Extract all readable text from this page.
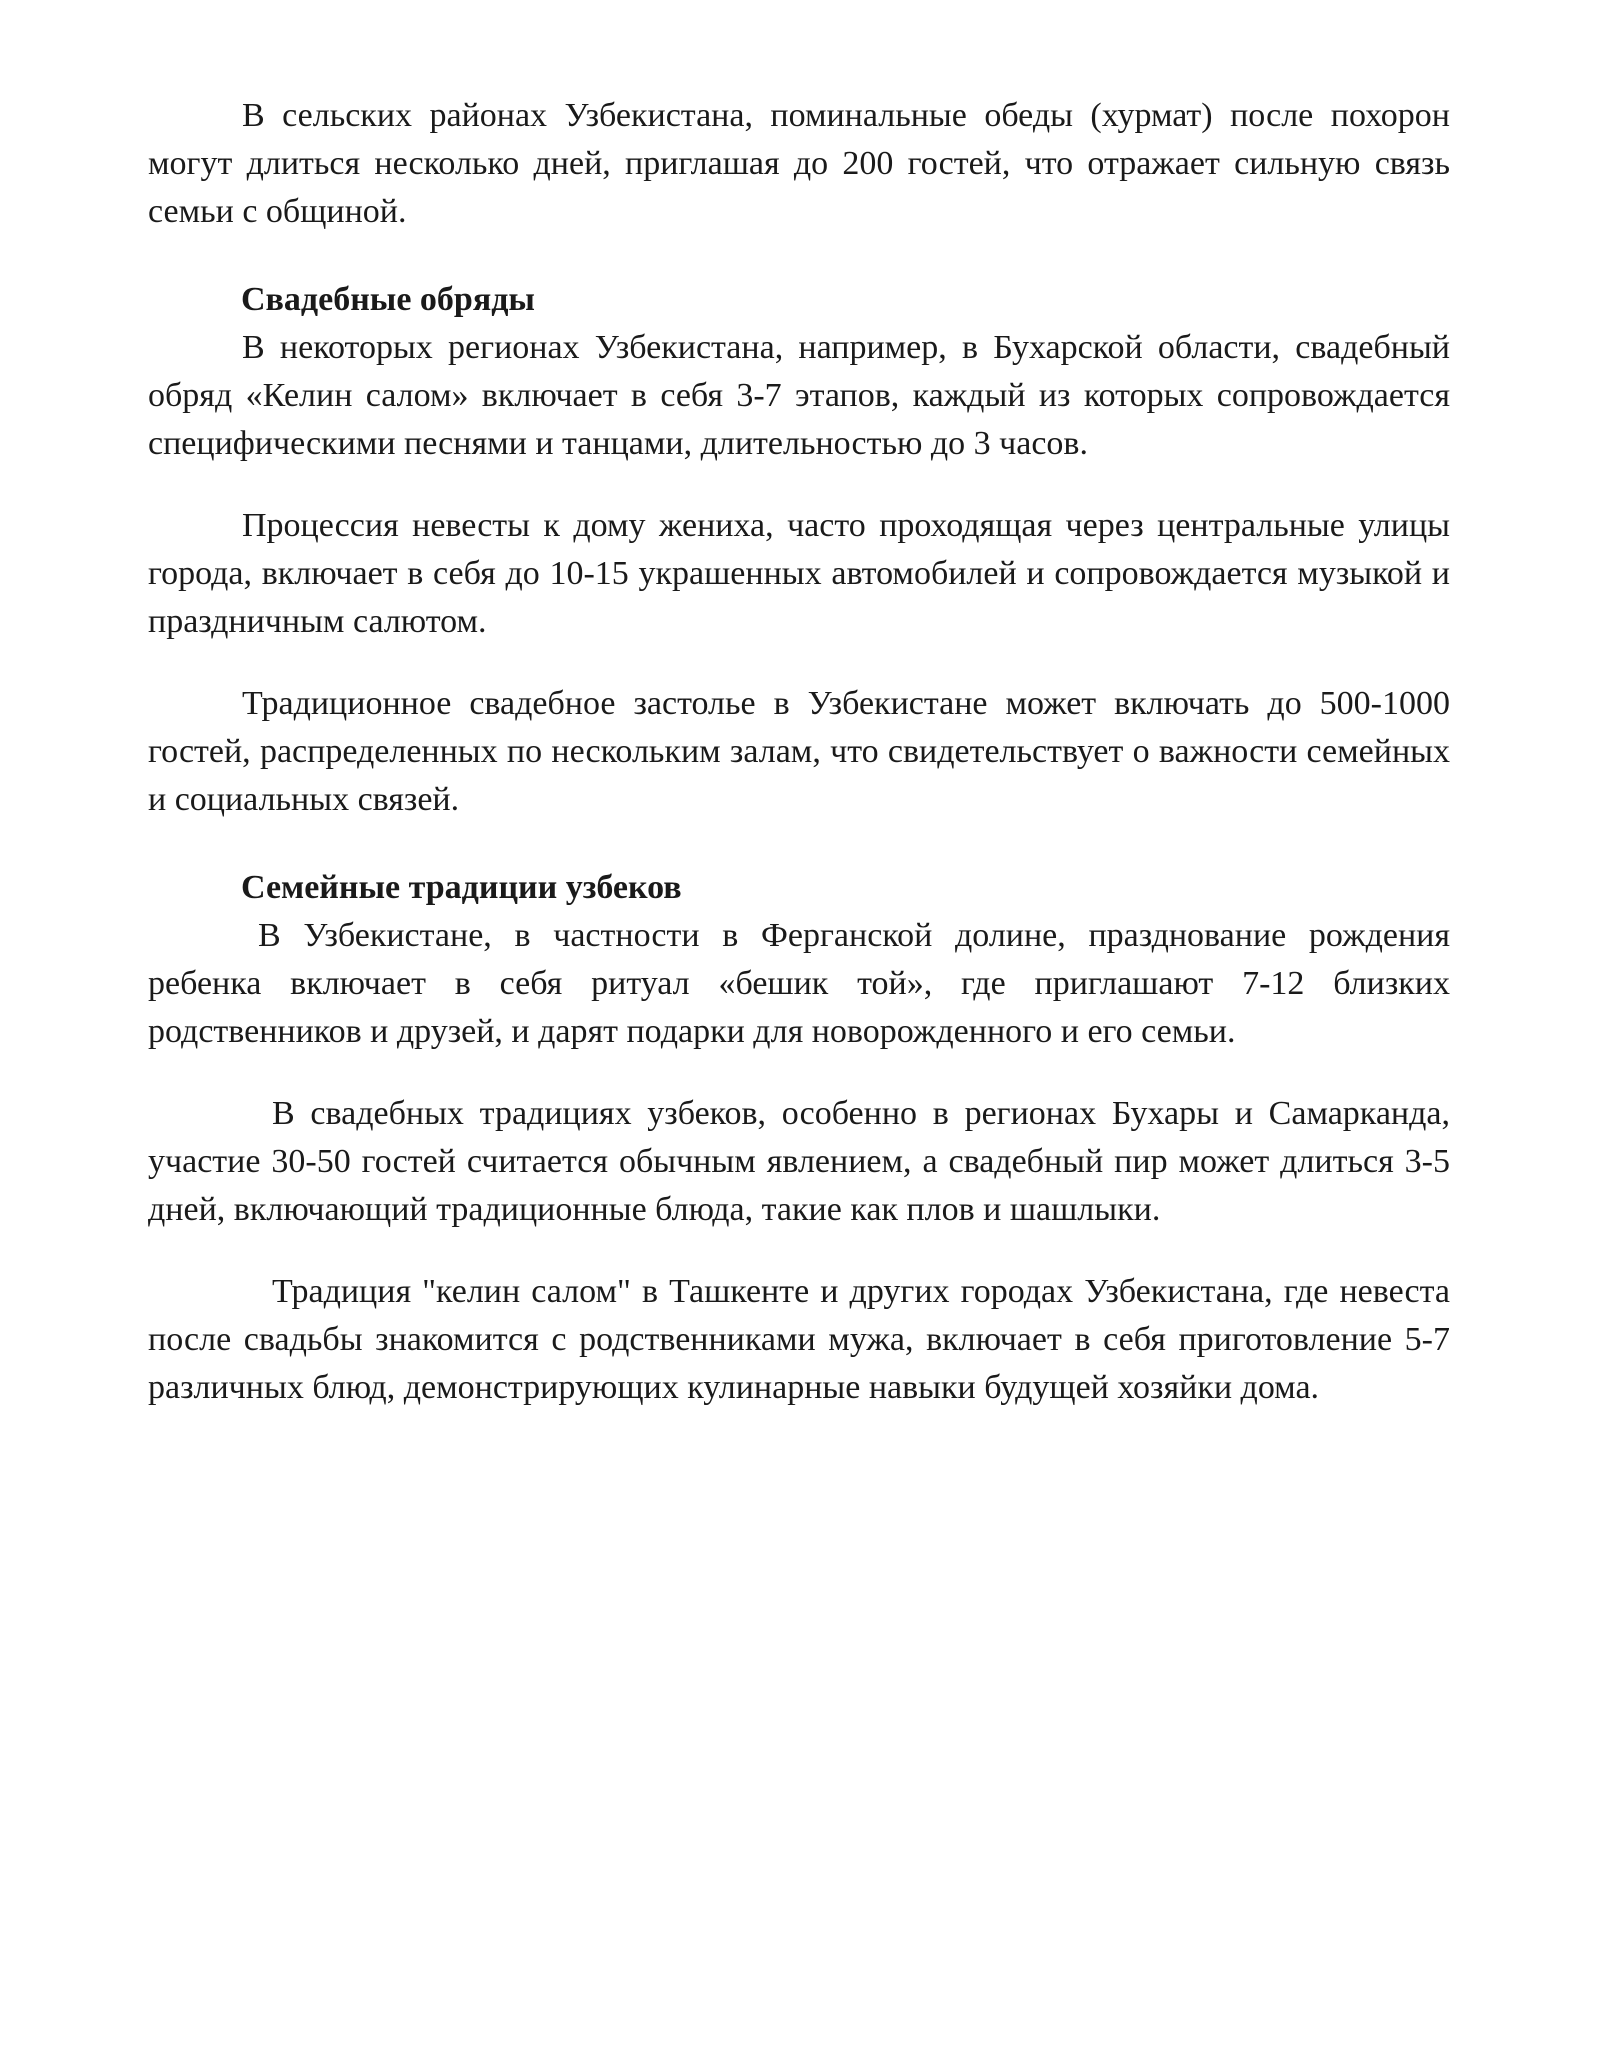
В сельских районах Узбекистана, поминальные обеды (хурмат) после похорон могут длиться несколько дней, приглашая до 200 гостей, что отражает сильную связь семьи с общиной.

Свадебные обряды

В некоторых регионах Узбекистана, например, в Бухарской области, свадебный обряд «Келин салом» включает в себя 3-7 этапов, каждый из которых сопровождается специфическими песнями и танцами, длительностью до 3 часов.

Процессия невесты к дому жениха, часто проходящая через центральные улицы города, включает в себя до 10-15 украшенных автомобилей и сопровождается музыкой и праздничным салютом.

Традиционное свадебное застолье в Узбекистане может включать до 500-1000 гостей, распределенных по нескольким залам, что свидетельствует о важности семейных и социальных связей.

Семейные традиции узбеков

В Узбекистане, в частности в Ферганской долине, празднование рождения ребенка включает в себя ритуал «бешик той», где приглашают 7-12 близких родственников и друзей, и дарят подарки для новорожденного и его семьи.

В свадебных традициях узбеков, особенно в регионах Бухары и Самарканда, участие 30-50 гостей считается обычным явлением, а свадебный пир может длиться 3-5 дней, включающий традиционные блюда, такие как плов и шашлыки.

Традиция "келин салом" в Ташкенте и других городах Узбекистана, где невеста после свадьбы знакомится с родственниками мужа, включает в себя приготовление 5-7 различных блюд, демонстрирующих кулинарные навыки будущей хозяйки дома.
